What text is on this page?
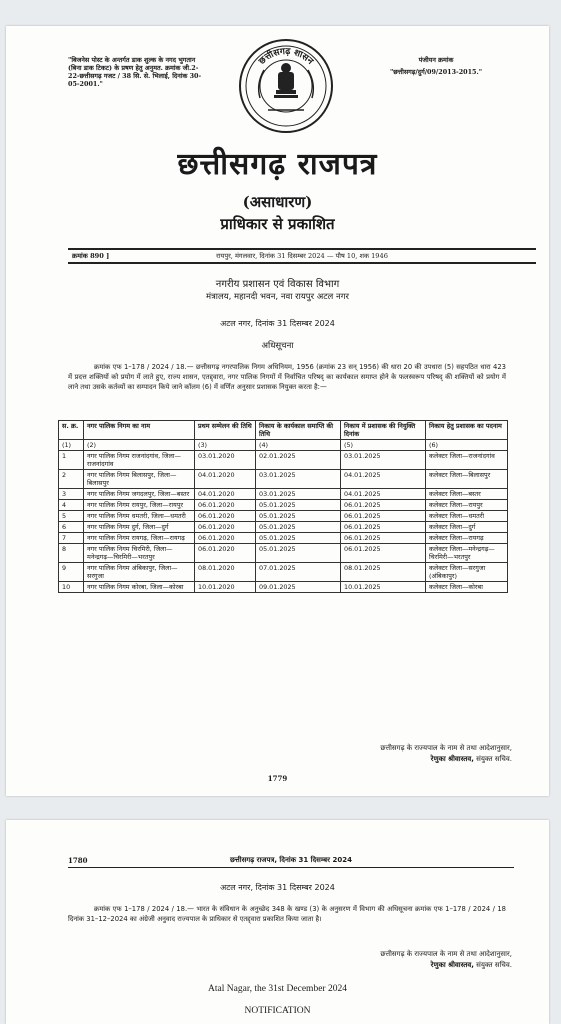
"बिजनेस पोस्ट के अन्तर्गत डाक शुल्क के नगद भुगतान (बिना डाक टिकट) के प्रषण हेतु अनुमत. क्रमांक जी.2-22-छत्तीसगढ़ गजट / 38 सि. से. भिलाई, दिनांक 30-05-2001."
पंजीयन क्रमांक
"छत्तीसगढ़/दुर्ग/09/2013-2015."
छत्तीसगढ़ शासन
छत्तीसगढ़ राजपत्र
(असाधारण)
प्राधिकार से प्रकाशित
रायपुर, मंगलवार, दिनांक 31 दिसम्बर 2024 — पौष 10, शक 1946
क्रमांक 890 ]
नगरीय प्रशासन एवं विकास विभाग
मंत्रालय, महानदी भवन, नवा रायपुर अटल नगर
अटल नगर, दिनांक 31 दिसम्बर 2024
अधिसूचना
क्रमांक एफ 1–178 / 2024 / 18.— छत्तीसगढ़ नगरपालिक निगम अधिनियम, 1956 (क्रमांक 23 सन् 1956) की धारा 20 की उपधारा (5) सहपठित धारा 423 में प्रदत्त शक्तियों को प्रयोग में लाते हुए, राज्य शासन, एतद्द्वारा, नगर पालिक निगमों में निर्वाचित परिषद् का कार्यकाल समाप्त होने के फलस्वरूप परिषद् की शक्तियों को प्रयोग में लाने तथा उसके कर्तव्यों का सम्पादन किये जाने कॉलम (6) में वर्णित अनुसार प्रशासक नियुक्त करता है:—
स. क्र.	नगर पालिक निगम का नाम	प्रथम सम्मेलन की तिथि	निकाय के कार्यकाल समाप्ति की तिथि	निकाय में प्रशासक की नियुक्ति दिनांक	निकाय हेतु प्रशासक का पदनाम
(1)	(2)	(3)	(4)	(5)	(6)
1	नगर पालिक निगम राजनांदगांव, जिला—राजनांदगांव	03.01.2020	02.01.2025	03.01.2025	कलेक्टर जिला—राजनांदगांव
2	नगर पालिक निगम बिलासपुर, जिला—बिलासपुर	04.01.2020	03.01.2025	04.01.2025	कलेक्टर जिला—बिलासपुर
3	नगर पालिक निगम जगदलपुर, जिला—बस्तर	04.01.2020	03.01.2025	04.01.2025	कलेक्टर जिला—बस्तर
4	नगर पालिक निगम रायपुर, जिला—रायपुर	06.01.2020	05.01.2025	06.01.2025	कलेक्टर जिला—रायपुर
5	नगर पालिक निगम धमतरी, जिला—धमतरी	06.01.2020	05.01.2025	06.01.2025	कलेक्टर जिला—धमतरी
6	नगर पालिक निगम दुर्ग, जिला—दुर्ग	06.01.2020	05.01.2025	06.01.2025	कलेक्टर जिला—दुर्ग
7	नगर पालिक निगम रायगढ़, जिला—रायगढ़	06.01.2020	05.01.2025	06.01.2025	कलेक्टर जिला—रायगढ़
8	नगर पालिक निगम चिरमिरी, जिला—मनेन्द्रगढ़—चिरमिरी—भरतपुर	06.01.2020	05.01.2025	06.01.2025	कलेक्टर जिला—मनेन्द्रगढ़—चिरमिरी—भरतपुर
9	नगर पालिक निगम अंबिकापुर, जिला—सरगुजा	08.01.2020	07.01.2025	08.01.2025	कलेक्टर जिला—सरगुजा (अंबिकापुर)
10	नगर पालिक निगम कोरबा, जिला—कोरबा	10.01.2020	09.01.2025	10.01.2025	कलेक्टर जिला—कोरबा
छत्तीसगढ़ के राज्यपाल के नाम से तथा आदेशानुसार,
रेणुका श्रीवास्तव, संयुक्त सचिव.
1779
1780	छत्तीसगढ़ राजपत्र, दिनांक 31 दिसम्बर 2024
अटल नगर, दिनांक 31 दिसम्बर 2024
क्रमांक एफ 1–178 / 2024 / 18.— भारत के संविधान के अनुच्छेद 348 के खण्ड (3) के अनुसरण में विभाग की अधिसूचना क्रमांक एफ 1–178 / 2024 / 18 दिनांक 31–12–2024 का अंग्रेजी अनुवाद राज्यपाल के प्राधिकार से एतद्द्वारा प्रकाशित किया जाता है।
छत्तीसगढ़ के राज्यपाल के नाम से तथा आदेशानुसार,
रेणुका श्रीवास्तव, संयुक्त सचिव.
Atal Nagar, the 31st December 2024
NOTIFICATION
